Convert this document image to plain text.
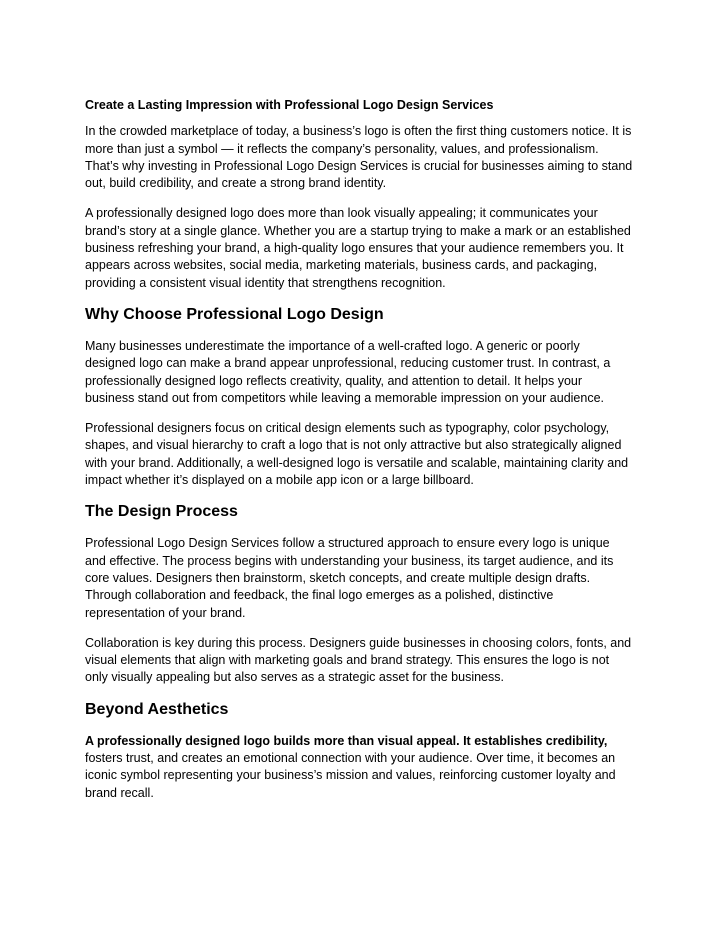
Create a Lasting Impression with Professional Logo Design Services

In the crowded marketplace of today, a business’s logo is often the first thing customers notice. It is more than just a symbol — it reflects the company’s personality, values, and professionalism. That’s why investing in Professional Logo Design Services is crucial for businesses aiming to stand out, build credibility, and create a strong brand identity.

A professionally designed logo does more than look visually appealing; it communicates your brand’s story at a single glance. Whether you are a startup trying to make a mark or an established business refreshing your brand, a high-quality logo ensures that your audience remembers you. It appears across websites, social media, marketing materials, business cards, and packaging, providing a consistent visual identity that strengthens recognition.

Why Choose Professional Logo Design

Many businesses underestimate the importance of a well-crafted logo. A generic or poorly designed logo can make a brand appear unprofessional, reducing customer trust. In contrast, a professionally designed logo reflects creativity, quality, and attention to detail. It helps your business stand out from competitors while leaving a memorable impression on your audience.

Professional designers focus on critical design elements such as typography, color psychology, shapes, and visual hierarchy to craft a logo that is not only attractive but also strategically aligned with your brand. Additionally, a well-designed logo is versatile and scalable, maintaining clarity and impact whether it’s displayed on a mobile app icon or a large billboard.

The Design Process

Professional Logo Design Services follow a structured approach to ensure every logo is unique and effective. The process begins with understanding your business, its target audience, and its core values. Designers then brainstorm, sketch concepts, and create multiple design drafts. Through collaboration and feedback, the final logo emerges as a polished, distinctive representation of your brand.

Collaboration is key during this process. Designers guide businesses in choosing colors, fonts, and visual elements that align with marketing goals and brand strategy. This ensures the logo is not only visually appealing but also serves as a strategic asset for the business.

Beyond Aesthetics

A professionally designed logo builds more than visual appeal. It establishes credibility, fosters trust, and creates an emotional connection with your audience. Over time, it becomes an iconic symbol representing your business’s mission and values, reinforcing customer loyalty and brand recall.
